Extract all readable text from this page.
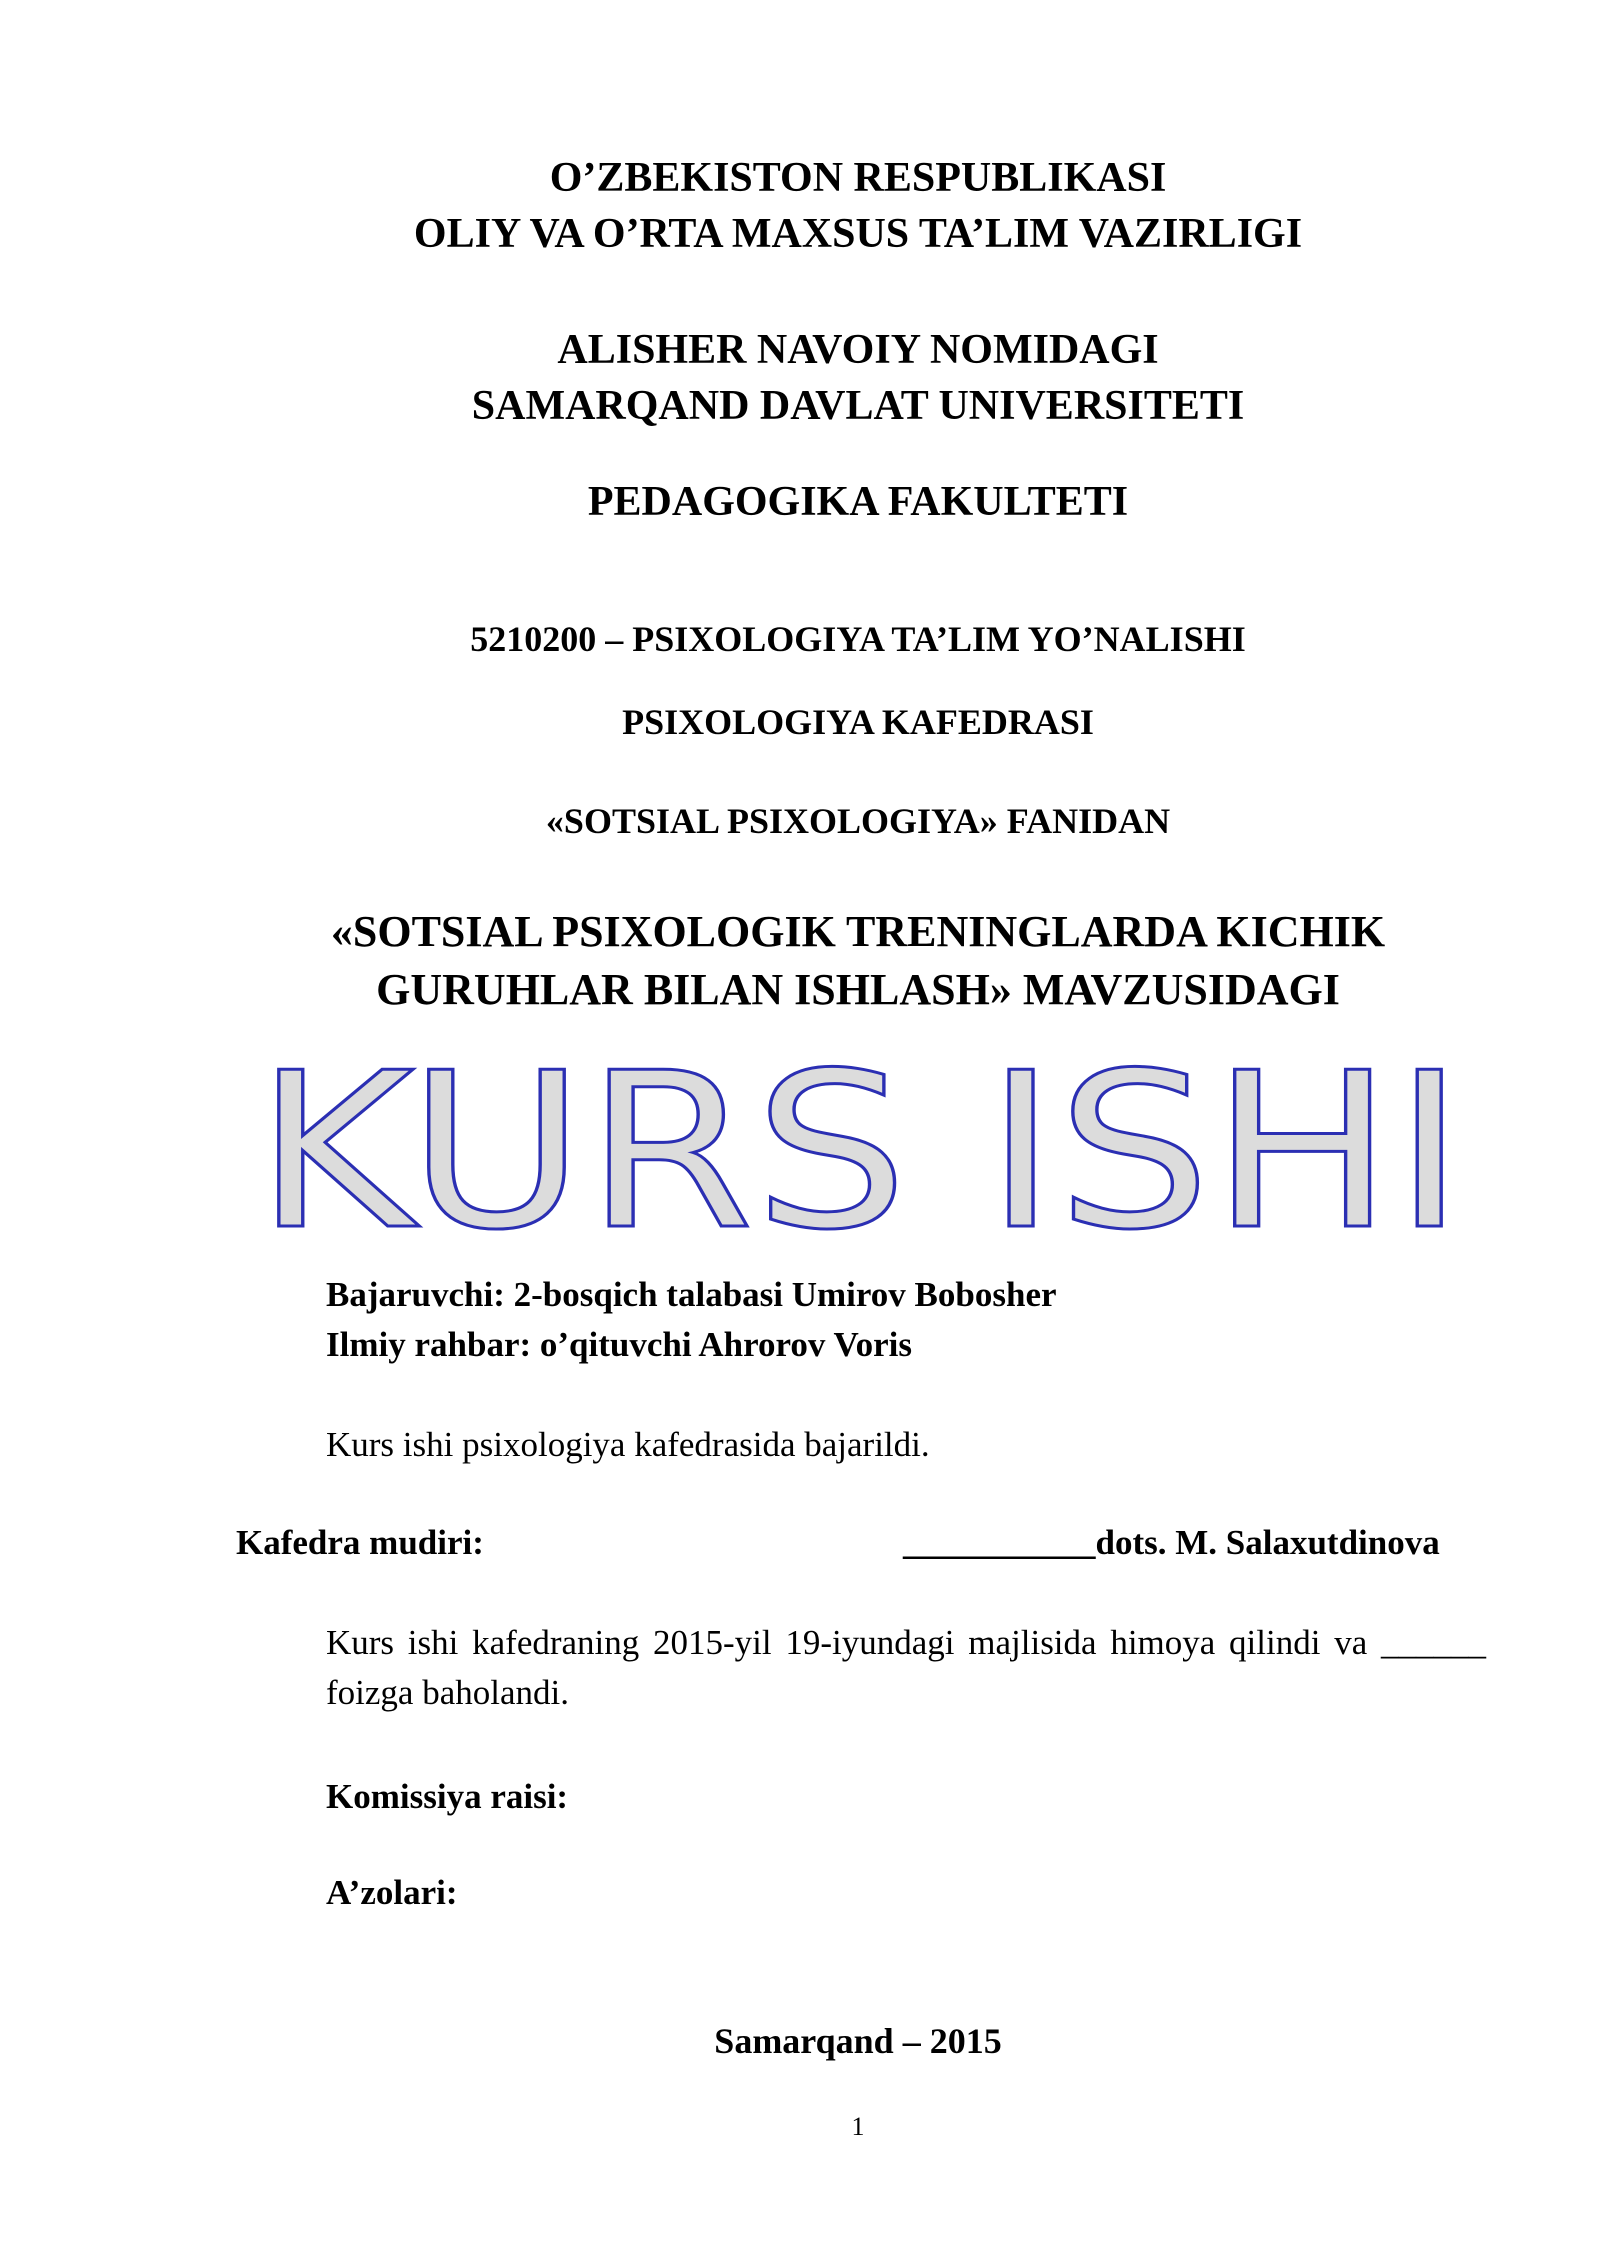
O’ZBEKISTON RESPUBLIKASI
OLIY VA O’RTA MAXSUS TA’LIM VAZIRLIGI
ALISHER NAVOIY NOMIDAGI
SAMARQAND DAVLAT UNIVERSITETI
PEDAGOGIKA FAKULTETI
5210200 – PSIXOLOGIYA TA’LIM YO’NALISHI
PSIXOLOGIYA KAFEDRASI
«SOTSIAL PSIXOLOGIYA» FANIDAN
«SOTSIAL PSIXOLOGIK TRENINGLARDA KICHIK
GURUHLAR BILAN ISHLASH» MAVZUSIDAGI
KURS ISHI
Bajaruvchi: 2-bosqich talabasi Umirov Bobosher
Ilmiy rahbar: o’qituvchi Ahrorov Voris
Kurs ishi psixologiya kafedrasida bajarildi.
Kafedra mudiri:	___________dots. M. Salaxutdinova
Kurs ishi kafedraning 2015-yil 19-iyundagi majlisida himoya qilindi va ______ foizga baholandi.
Komissiya raisi:
A’zolari:
Samarqand – 2015
1
